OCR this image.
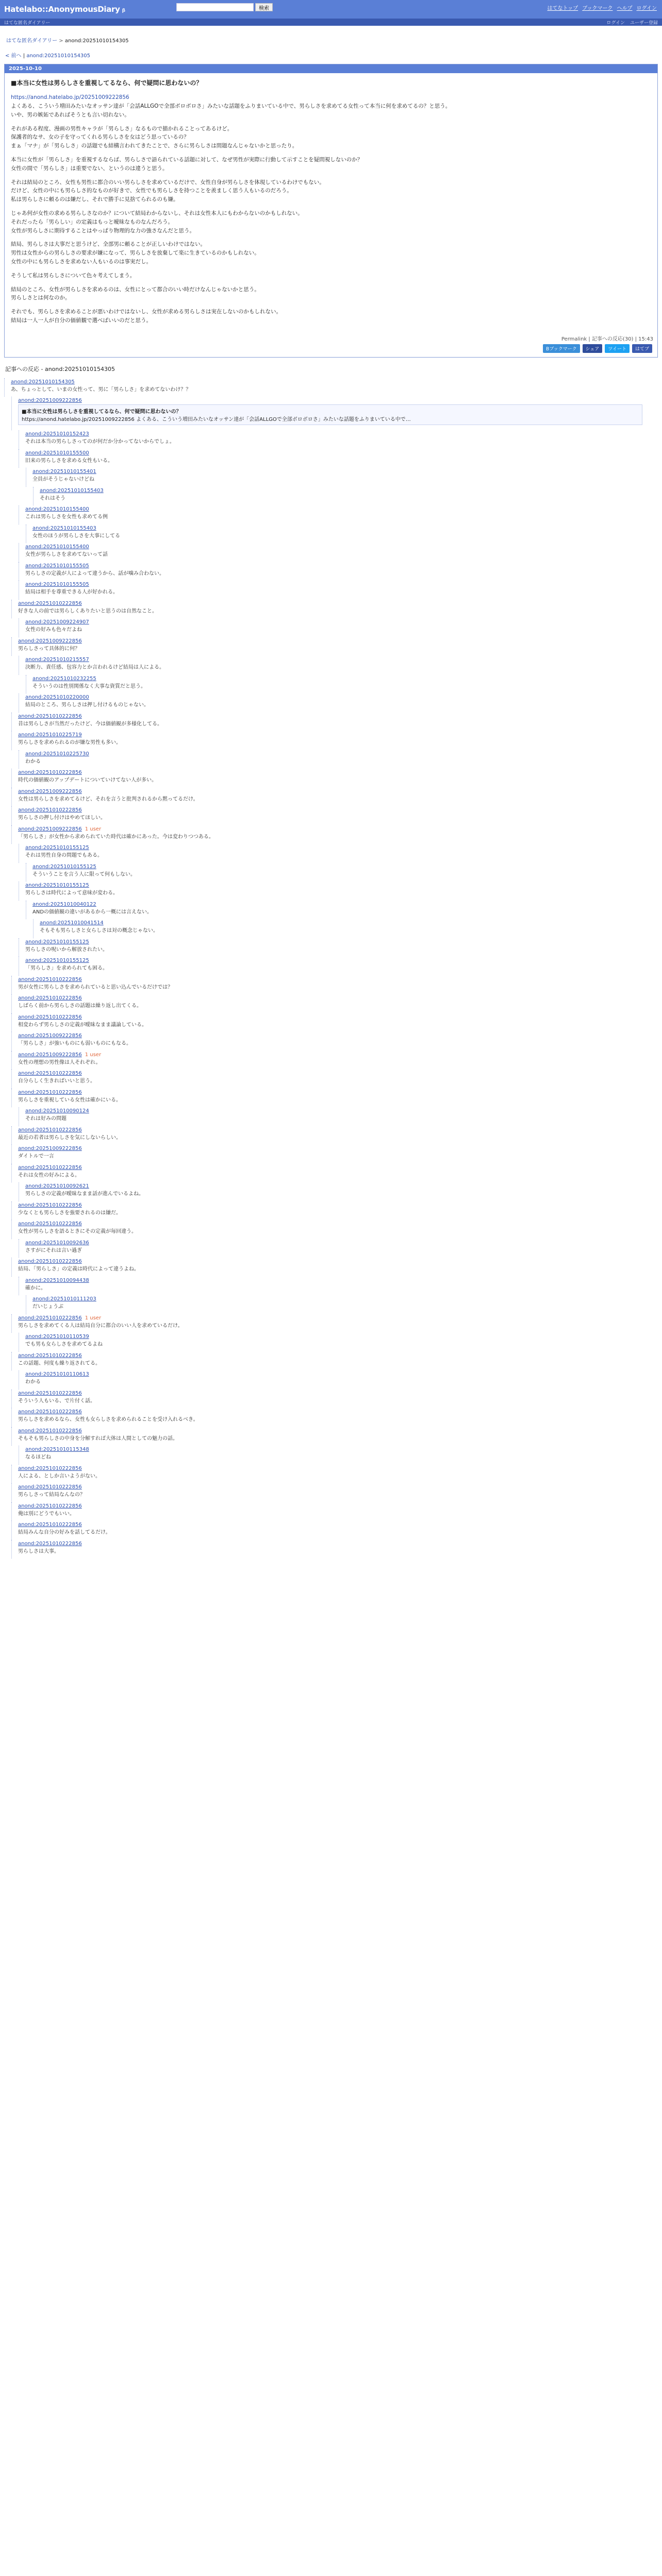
Hatelabo::AnonymousDiary β	検索	はてなトップ ブックマーク ヘルプ ログイン
はてな匿名ダイアリー	ログイン ユーザー登録
はてな匿名ダイアリー > anond:20251010154305
< 前へ | anond:20251010154305
2025-10-10
■本当に女性は男らしさを重視してるなら、何で疑問に思わないの？
https://anond.hatelabo.jp/20251009222856
よくある、こういう増田みたいなオッサン達が「会話ALLGOで全部ボロボロさ」みたいな話題をふりまいている中で、男らしさを求めてる女性って本当に何を求めてるの？と思う。
いや、男の嫉妬であればそうとも言い切れない。
それがある程度、漫画の男性キャラが「男らしさ」なるもので描かれることってあるけど。
保護者的なサ、女の子を守ってくれる男らしさを女はどう思っているの？
まぁ「マナ」が「男らしさ」の話題でも結構言われてきたことで、さらに男らしさは問題なんじゃないかと思ったり。
本当に女性が「男らしさ」を重視するならば、男らしさで語られている話題に対して、なぜ男性が実際に行動して示すことを疑問視しないのか？
女性の間で「男らしさ」は重要でない、というのは違うと思う。
それは結局のところ、女性も男性に都合のいい男らしさを求めているだけで、女性自身が男らしさを体現しているわけでもない。
だけど、女性の中にも男らしさ的なものが好きで、女性でも男らしさを持つことを羨ましく思う人もいるのだろう。
私は男らしさに頼るのは嫌だし、それで勝手に見捨てられるのも嫌。
じゃあ何が女性の求める男らしさなのか？について結局わからないし、それは女性本人にもわからないのかもしれない。
それだったら「男らしい」の定義はもっと曖昧なものなんだろう。
女性が男らしさに期待することはやっぱり物理的な力の強さなんだと思う。
結局、男らしさは大事だと思うけど、全部男に頼ることが正しいわけではない。
男性は女性からの男らしさの要求が嫌になって、男らしさを放棄して楽に生きているのかもしれない。
女性の中にも男らしさを求めない人もいるのは事実だし。
そうして私は男らしさについて色々考えてしまう。
結局のところ、女性が男らしさを求めるのは、女性にとって都合のいい時だけなんじゃないかと思う。
男らしさとは何なのか。
それでも、男らしさを求めることが悪いわけではないし、女性が求める男らしさは実在しないのかもしれない。
結局は一人一人が自分の価値観で選べばいいのだと思う。
Permalink | 記事への反応(30) | 15:43
Bブックマーク	シェア	ツイート	はてブ
記事への反応 - anond:20251010154305
anond:20251010154305
あ、ちょっとして、いまの女性って、男に「男らしさ」を求めてないわけ？？
anond:20251009222856
■本当に女性は男らしさを重視してるなら、何で疑問に思わないの？
https://anond.hatelabo.jp/20251009222856 よくある、こういう増田みたいなオッサン達が「会話ALLGOで全部ボロボロさ」みたいな話題をふりまいている中で…
anond:20251010152423
それは本当の男らしさってのが何だか分かってないからでしょ。
anond:20251010155500
旧来の男らしさを求める女性もいる。
anond:20251010155401
全員がそうじゃないけどね
anond:20251010155403
それはそう
anond:20251010155400
これは男らしさを女性も求めてる例
anond:20251010155403
女性のほうが男らしさを大事にしてる
anond:20251010155400
女性が男らしさを求めてないって話
anond:20251010155505
男らしさの定義が人によって違うから、話が噛み合わない。
anond:20251010155505
結局は相手を尊重できる人が好かれる。
anond:20251010222856
好きな人の前では男らしくありたいと思うのは自然なこと。
anond:20251009224907
女性の好みも色々だよね
anond:20251009222856
男らしさって具体的に何？
anond:20251010215557
決断力、責任感、包容力とか言われるけど結局は人による。
anond:20251010232255
そういうのは性別関係なく大事な資質だと思う。
anond:20251010220000
結局のところ、男らしさは押し付けるものじゃない。
anond:20251010222856
昔は男らしさが当然だったけど、今は価値観が多様化してる。
anond:20251010225719
男らしさを求められるのが嫌な男性も多い。
anond:20251010225730
わかる
anond:20251010222856
時代の価値観のアップデートについていけてない人が多い。
anond:20251009222856
女性は男らしさを求めてるけど、それを言うと批判されるから黙ってるだけ。
anond:20251010222856
男らしさの押し付けはやめてほしい。
anond:20251009222856 1 user
「男らしさ」が女性から求められていた時代は確かにあった。今は変わりつつある。
anond:20251010155125
それは男性自身の問題でもある。
anond:20251010155125
そういうことを言う人に限って何もしない。
anond:20251010155125
男らしさは時代によって意味が変わる。
anond:20251010040122
ANDの価値観の違いがあるから一概には言えない。
anond:20251010041514
そもそも男らしさと女らしさは対の概念じゃない。
anond:20251010155125
男らしさの呪いから解放されたい。
anond:20251010155125
「男らしさ」を求められても困る。
anond:20251010222856
男が女性に男らしさを求められていると思い込んでいるだけでは？
anond:20251010222856
しばらく前から男らしさの話題は繰り返し出てくる。
anond:20251010222856
相変わらず男らしさの定義が曖昧なまま議論している。
anond:20251009222856
「男らしさ」が強いものにも弱いものにもなる。
anond:20251009222856 1 user
女性の理想の男性像は人それぞれ。
anond:20251010222856
自分らしく生きればいいと思う。
anond:20251010222856
男らしさを重視している女性は確かにいる。
anond:20251010090124
それは好みの問題
anond:20251010222856
最近の若者は男らしさを気にしないらしい。
anond:20251009222856
ダイトルで一言
anond:20251010222856
それは女性の好みによる。
anond:20251010092621
男らしさの定義が曖昧なまま話が進んでいるよね。
anond:20251010222856
少なくとも男らしさを強要されるのは嫌だ。
anond:20251010222856
女性が男らしさを語るときにその定義が毎回違う。
anond:20251010092636
さすがにそれは言い過ぎ
anond:20251010222856
結局、「男らしさ」の定義は時代によって違うよね。
anond:20251010094438
確かに。
anond:20251010111203
だいじょうぶ
anond:20251010222856 1 user
男らしさを求めてくる人は結局自分に都合のいい人を求めているだけ。
anond:20251010110539
でも男も女らしさを求めてるよね
anond:20251010222856
この話題、何度も繰り返されてる。
anond:20251010110613
わかる
anond:20251010222856
そういう人もいる、で片付く話。
anond:20251010222856
男らしさを求めるなら、女性も女らしさを求められることを受け入れるべき。
anond:20251010222856
そもそも男らしさの中身を分解すれば大体は人間としての魅力の話。
anond:20251010115348
なるほどね
anond:20251010222856
人による、としか言いようがない。
anond:20251010222856
男らしさって結局なんなの？
anond:20251010222856
俺は別にどうでもいい。
anond:20251010222856
結局みんな自分の好みを話してるだけ。
anond:20251010222856
男らしさは大事。
